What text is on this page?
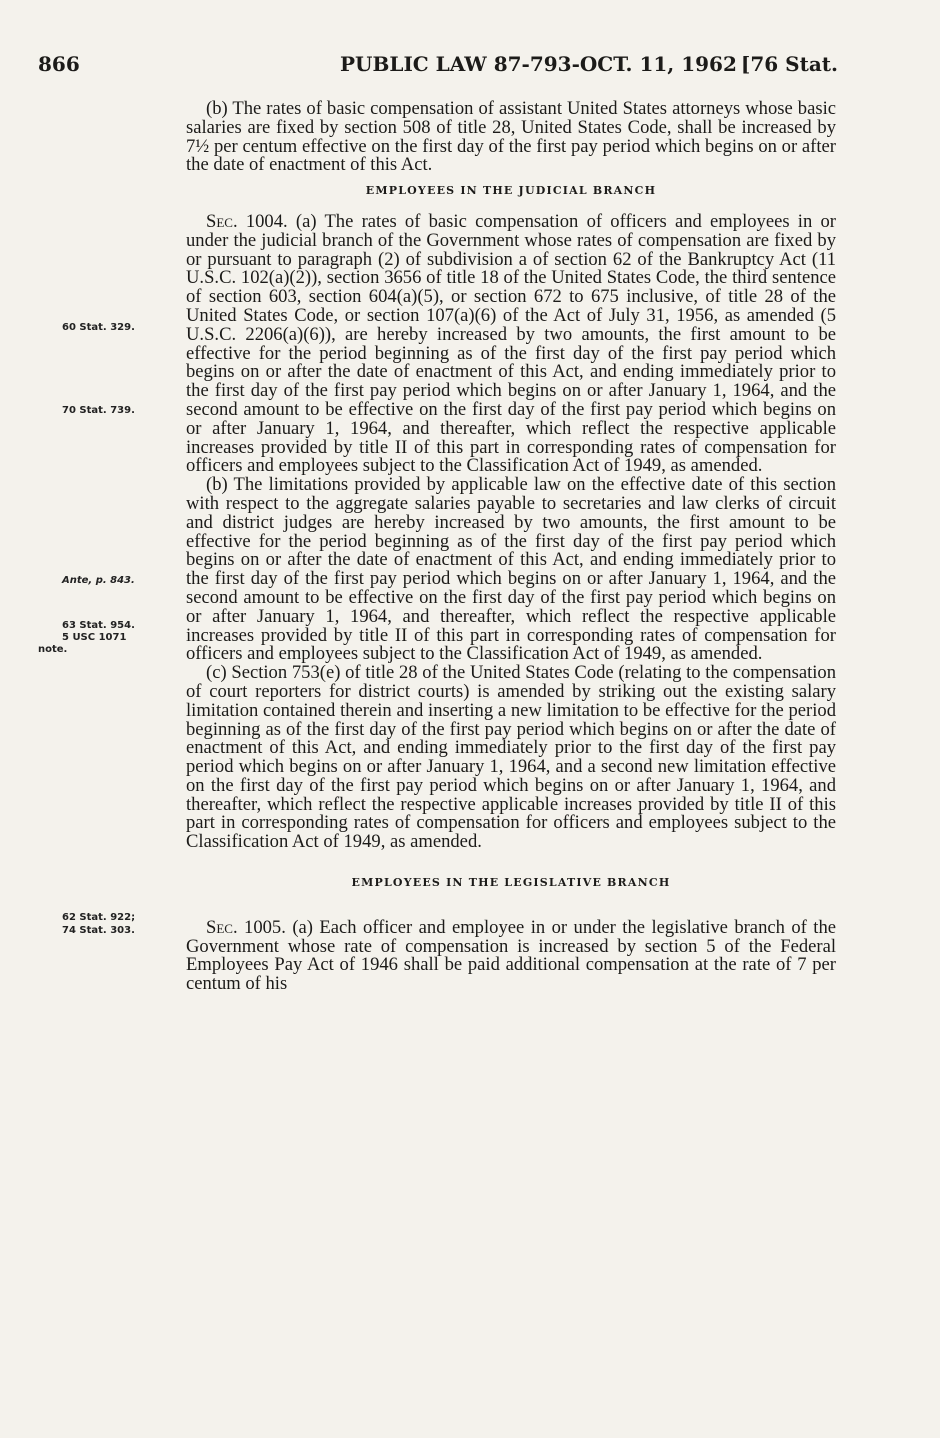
866	PUBLIC LAW 87-793-OCT. 11, 1962 [76 Stat.

(b) The rates of basic compensation of assistant United States attorneys whose basic salaries are fixed by section 508 of title 28, United States Code, shall be increased by 7½ per centum effective on the first day of the first pay period which begins on or after the date of enactment of this Act.

EMPLOYEES IN THE JUDICIAL BRANCH

Sec. 1004. (a) The rates of basic compensation of officers and employees in or under the judicial branch of the Government whose rates of compensation are fixed by or pursuant to paragraph (2) of subdivision a of section 62 of the Bankruptcy Act (11 U.S.C. 102(a)(2)), section 3656 of title 18 of the United States Code, the third sentence of section 603, section 604(a)(5), or section 672 to 675 inclusive, of title 28 of the United States Code, or section 107(a)(6) of the Act of July 31, 1956, as amended (5 U.S.C. 2206(a)(6)), are hereby increased by two amounts, the first amount to be effective for the period beginning as of the first day of the first pay period which begins on or after the date of enactment of this Act, and ending immediately prior to the first day of the first pay period which begins on or after January 1, 1964, and the second amount to be effective on the first day of the first pay period which begins on or after January 1, 1964, and thereafter, which reflect the respective applicable increases provided by title II of this part in corresponding rates of compensation for officers and employees subject to the Classification Act of 1949, as amended.

(b) The limitations provided by applicable law on the effective date of this section with respect to the aggregate salaries payable to secretaries and law clerks of circuit and district judges are hereby increased by two amounts, the first amount to be effective for the period beginning as of the first day of the first pay period which begins on or after the date of enactment of this Act, and ending immediately prior to the first day of the first pay period which begins on or after January 1, 1964, and the second amount to be effective on the first day of the first pay period which begins on or after January 1, 1964, and thereafter, which reflect the respective applicable increases provided by title II of this part in corresponding rates of compensation for officers and employees subject to the Classification Act of 1949, as amended.

(c) Section 753(e) of title 28 of the United States Code (relating to the compensation of court reporters for district courts) is amended by striking out the existing salary limitation contained therein and inserting a new limitation to be effective for the period beginning as of the first day of the first pay period which begins on or after the date of enactment of this Act, and ending immediately prior to the first day of the first pay period which begins on or after January 1, 1964, and a second new limitation effective on the first day of the first pay period which begins on or after January 1, 1964, and thereafter, which reflect the respective applicable increases provided by title II of this part in corresponding rates of compensation for officers and employees subject to the Classification Act of 1949, as amended.

EMPLOYEES IN THE LEGISLATIVE BRANCH

Sec. 1005. (a) Each officer and employee in or under the legislative branch of the Government whose rate of compensation is increased by section 5 of the Federal Employees Pay Act of 1946 shall be paid additional compensation at the rate of 7 per centum of his

60 Stat. 329.
70 Stat. 739.
Ante, p. 843.
63 Stat. 954.
5 USC 1071
note.
62 Stat. 922;
74 Stat. 303.
